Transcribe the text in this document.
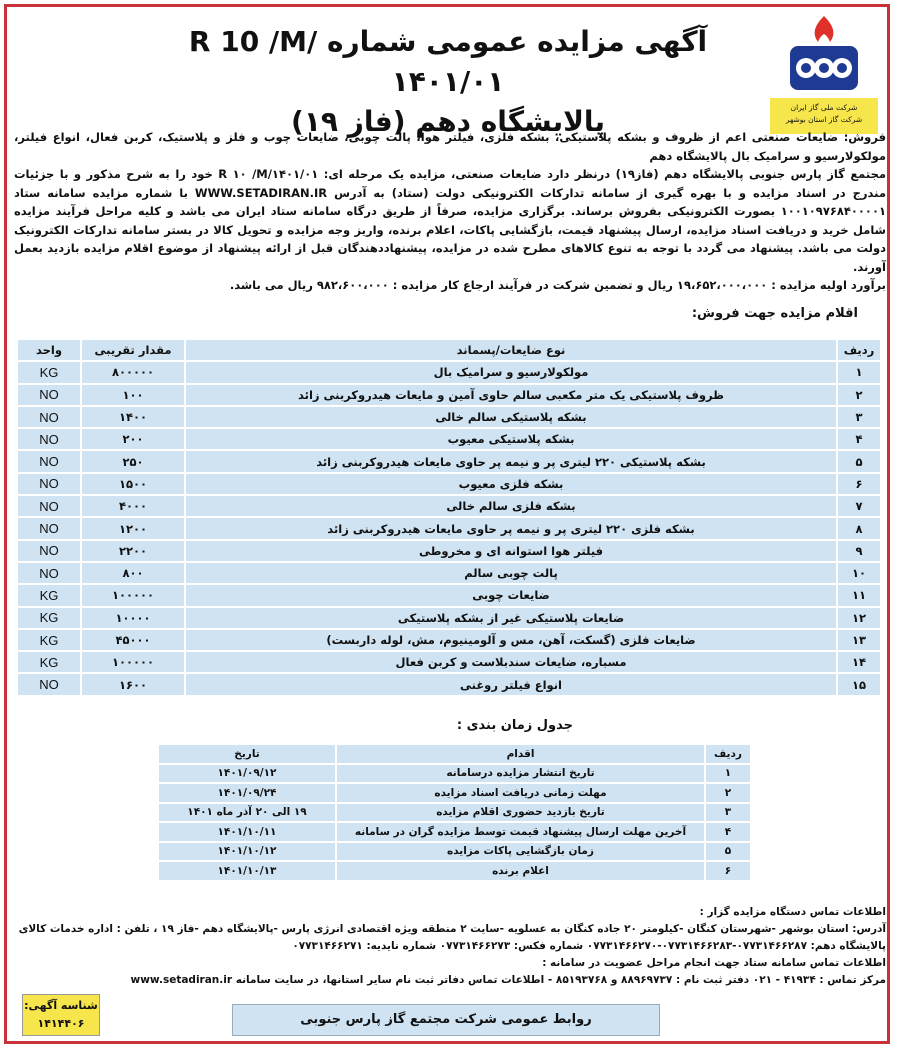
شرکت ملی گاز ایران
شرکت گاز استان بوشهر
آگهی مزایده عمومی شماره R 10 /M/۱۴۰۱/۰۱
پالایشگاه دهم (فاز ۱۹)

فروش: ضایعات صنعتی اعم از ظروف و بشکه پلاستیکی، بشکه فلزی، فیلتر هوا، پالت چوبی، ضایعات چوب و فلز و پلاستیک، کربن فعال، انواع فیلتر، مولکولارسیو و سرامیک بال پالایشگاه دهم

مجتمع گاز پارس جنوبی پالایشگاه دهم (فاز۱۹) درنظر دارد ضایعات صنعتی، مزایده یک مرحله ای: R ۱۰ /M/۱۴۰۱/۰۱ خود را به شرح مذکور و با جزئیات مندرج در اسناد مزایده و با بهره گیری از سامانه تدارکات الکترونیکی دولت (ستاد) به آدرس WWW.SETADIRAN.IR با شماره مزایده سامانه ستاد ۱۰۰۱۰۹۷۶۸۴۰۰۰۰۱ بصورت الکترونیکی بفروش برساند. برگزاری مزایده، صرفاً از طریق درگاه سامانه ستاد ایران می باشد و کلیه مراحل فرآیند مزایده شامل خرید و دریافت اسناد مزایده، ارسال پیشنهاد قیمت، بازگشایی پاکات، اعلام برنده، واریز وجه مزایده و تحویل کالا در بستر سامانه تدارکات الکترونیک دولت می باشد. پیشنهاد می گردد با توجه به تنوع کالاهای مطرح شده در مزایده، پیشنهاددهندگان قبل از ارائه پیشنهاد از موضوع اقلام مزایده بازدید بعمل آورند.

برآورد اولیه مزایده : ۱۹،۶۵۲،۰۰۰،۰۰۰ ریال و تضمین شرکت در فرآیند ارجاع کار مزایده : ۹۸۲،۶۰۰،۰۰۰ ریال می باشد.

اقلام مزایده جهت فروش:
ردیف	نوع ضایعات/پسماند	مقدار تقریبی	واحد
۱	مولکولارسیو و سرامیک بال	۸۰۰۰۰۰	KG
۲	ظروف پلاستیکی یک متر مکعبی سالم حاوی آمین و مایعات هیدروکربنی زائد	۱۰۰	NO
۳	بشکه پلاستیکی سالم خالی	۱۴۰۰	NO
۴	بشکه پلاستیکی معیوب	۲۰۰	NO
۵	بشکه پلاستیکی ۲۲۰ لیتری پر و نیمه پر حاوی مایعات هیدروکربنی زائد	۲۵۰	NO
۶	بشکه فلزی معیوب	۱۵۰۰	NO
۷	بشکه فلزی سالم خالی	۴۰۰۰	NO
۸	بشکه فلزی ۲۲۰ لیتری پر و نیمه پر حاوی مایعات هیدروکربنی زائد	۱۲۰۰	NO
۹	فیلتر هوا استوانه ای و مخروطی	۲۲۰۰	NO
۱۰	پالت چوبی سالم	۸۰۰	NO
۱۱	ضایعات چوبی	۱۰۰۰۰۰	KG
۱۲	ضایعات پلاستیکی غیر از بشکه پلاستیکی	۱۰۰۰۰	KG
۱۳	ضایعات فلزی (گسکت، آهن، مس و آلومینیوم، مش، لوله داربست)	۴۵۰۰۰	KG
۱۴	مسباره، ضایعات سندبلاست و کربن فعال	۱۰۰۰۰۰	KG
۱۵	انواع فیلتر روغنی	۱۶۰۰	NO
جدول زمان بندی :
ردیف	اقدام	تاریخ
۱	تاریخ انتشار مزایده درسامانه	۱۴۰۱/۰۹/۱۲
۲	مهلت زمانی دریافت اسناد مزایده	۱۴۰۱/۰۹/۲۴
۳	تاریخ بازدید حضوری اقلام مزایده	۱۹ الی ۲۰ آذر ماه ۱۴۰۱
۴	آخرین مهلت ارسال پیشنهاد قیمت توسط مزایده گران در سامانه	۱۴۰۱/۱۰/۱۱
۵	زمان بازگشایی پاکات مزایده	۱۴۰۱/۱۰/۱۲
۶	اعلام برنده	۱۴۰۱/۱۰/۱۳

اطلاعات تماس دستگاه مزایده گزار :

آدرس: استان بوشهر -شهرستان کنگان -کیلومتر ۲۰ جاده کنگان به عسلویه -سایت ۲ منطقه ویژه اقتصادی انرژی پارس -پالایشگاه دهم -فاز ۱۹ ، تلفن : اداره خدمات کالای پالایشگاه دهم: ۰۷۷۳۱۴۶۶۲۸۷-۰۷۷۳۱۴۶۶۲۸۳-۰۷۷۳۱۴۶۶۲۷۰ شماره فکس: ۰۷۷۳۱۴۶۶۲۷۳ شماره نایدیه: ۰۷۷۳۱۴۶۶۲۷۱

اطلاعات تماس سامانه ستاد جهت انجام مراحل عضویت در سامانه :

مرکز تماس : ۴۱۹۳۴ - ۰۲۱ دفتر ثبت نام : ۸۸۹۶۹۷۳۷ و ۸۵۱۹۳۷۶۸ - اطلاعات تماس دفاتر ثبت نام سایر استانها، در سایت سامانه www.setadiran.ir

شناسه آگهی:
۱۴۱۴۴۰۶	روابط عمومی شرکت مجتمع گاز پارس جنوبی
